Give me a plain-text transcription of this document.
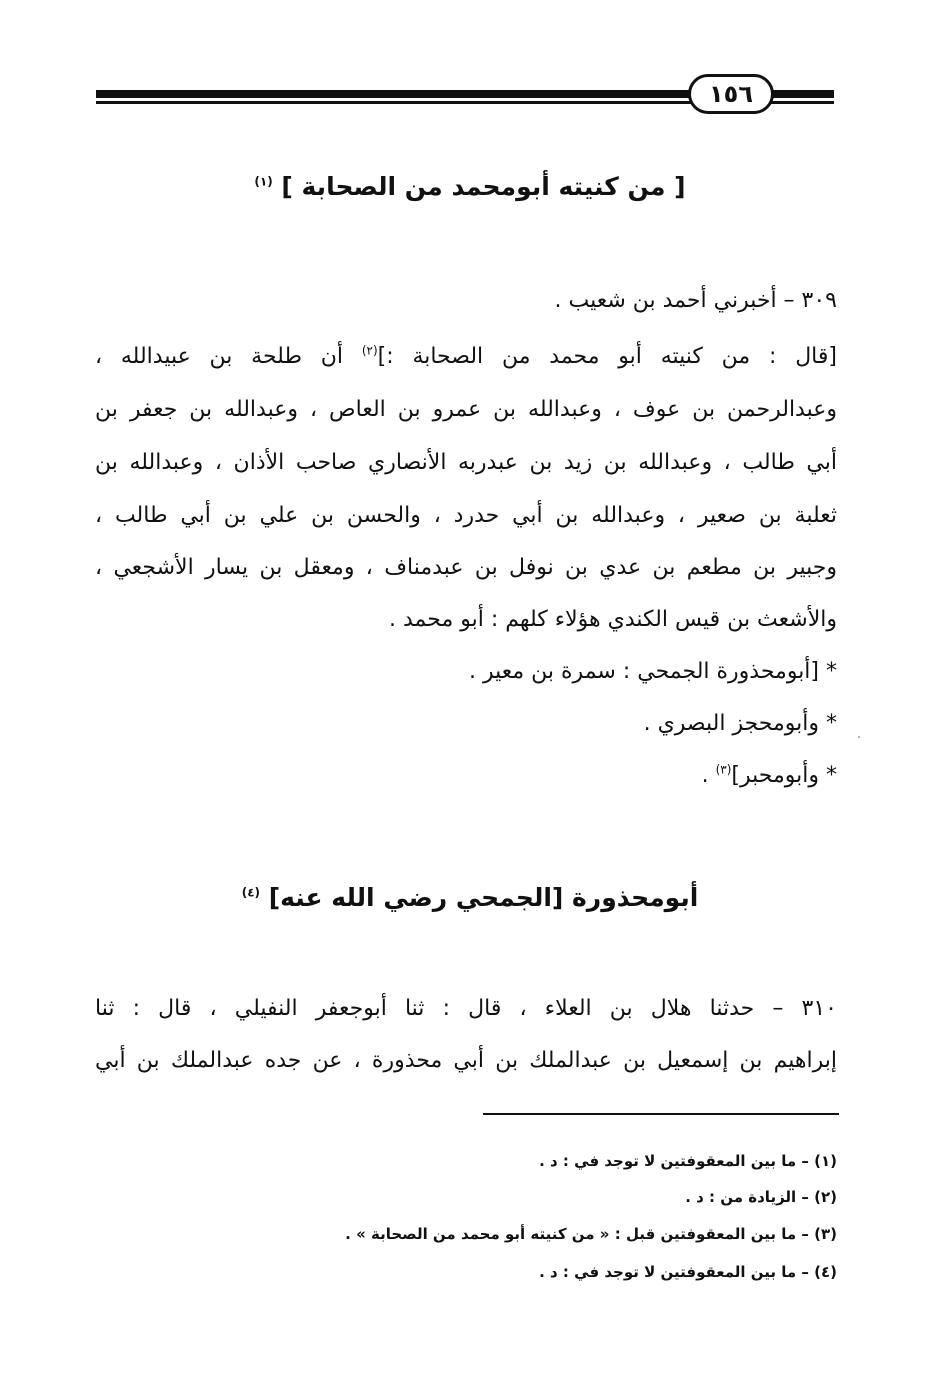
١٥٦
[ من كنيته أبومحمد من الصحابة ] $^{(١)}$
٣٠٩ – أخبرني أحمد بن شعيب .
[قال : من كنيته أبو محمد من الصحابة :]$^{(٢)}$ أن طلحة بن عبيدالله ،
وعبدالرحمن بن عوف ، وعبدالله بن عمرو بن العاص ، وعبدالله بن جعفر بن
أبي طالب ، وعبدالله بن زيد بن عبدربه الأنصاري صاحب الأذان ، وعبدالله بن
ثعلبة بن صعير ، وعبدالله بن أبي حدرد ، والحسن بن علي بن أبي طالب ،
وجبير بن مطعم بن عدي بن نوفل بن عبدمناف ، ومعقل بن يسار الأشجعي ،
والأشعث بن قيس الكندي هؤلاء كلهم : أبو محمد .
* [أبومحذورة الجمحي : سمرة بن معير .
* وأبومحجز البصري .
* وأبومحبر]$^{(٣)}$ .
أبومحذورة [الجمحي رضي الله عنه] $^{(٤)}$
٣١٠ – حدثنا هلال بن العلاء ، قال : ثنا أبوجعفر النفيلي ، قال : ثنا
إبراهيم بن إسمعيل بن عبدالملك بن أبي محذورة ، عن جده عبدالملك بن أبي
(١) – ما بين المعقوفتين لا توجد في : د .
(٢) – الزيادة من : د .
(٣) – ما بين المعقوفتين قبل : « من كنيته أبو محمد من الصحابة » .
(٤) – ما بين المعقوفتين لا توجد في : د .
